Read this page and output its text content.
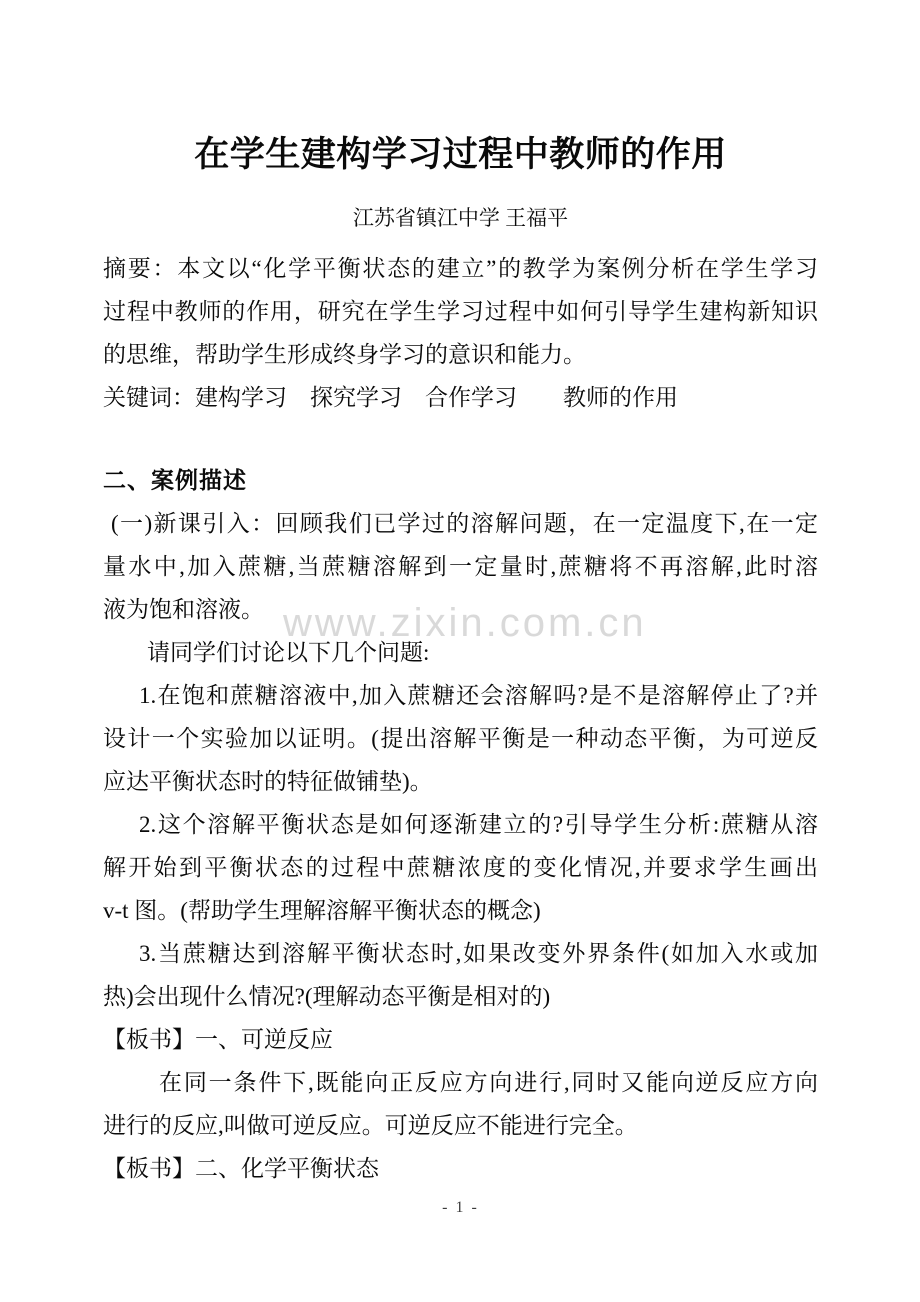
www.zixin.com.cn
在学生建构学习过程中教师的作用
江苏省镇江中学 王福平
摘要：本文以“化学平衡状态的建立”的教学为案例分析在学生学习
过程中教师的作用，研究在学生学习过程中如何引导学生建构新知识
的思维，帮助学生形成终身学习的意识和能力。
关键词：建构学习　探究学习　合作学习　　教师的作用
二、案例描述
(一)新课引入：回顾我们已学过的溶解问题，在一定温度下,在一定
量水中,加入蔗糖,当蔗糖溶解到一定量时,蔗糖将不再溶解,此时溶
液为饱和溶液。
请同学们讨论以下几个问题:
1.在饱和蔗糖溶液中,加入蔗糖还会溶解吗?是不是溶解停止了?并
设计一个实验加以证明。(提出溶解平衡是一种动态平衡，为可逆反
应达平衡状态时的特征做铺垫)。
2.这个溶解平衡状态是如何逐渐建立的?引导学生分析:蔗糖从溶
解开始到平衡状态的过程中蔗糖浓度的变化情况,并要求学生画出
v-t 图。(帮助学生理解溶解平衡状态的概念)
3.当蔗糖达到溶解平衡状态时,如果改变外界条件(如加入水或加
热)会出现什么情况?(理解动态平衡是相对的)
【板书】一、可逆反应
在同一条件下,既能向正反应方向进行,同时又能向逆反应方向
进行的反应,叫做可逆反应。可逆反应不能进行完全。
【板书】二、化学平衡状态
- 1 -
